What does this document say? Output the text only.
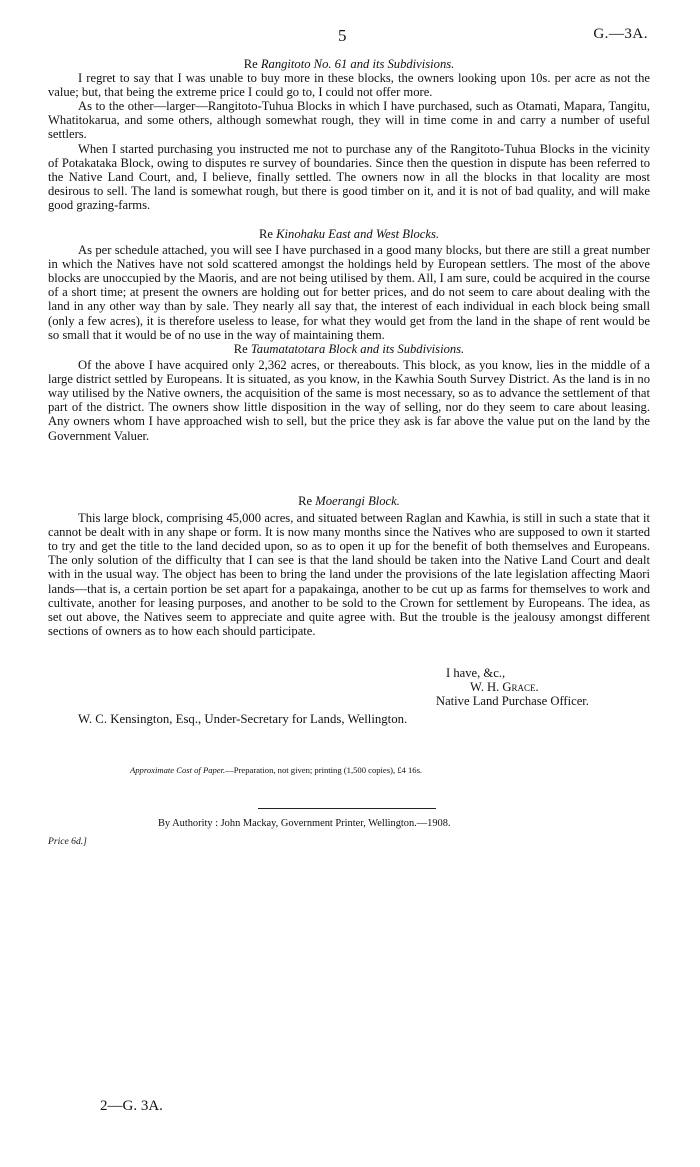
5	G.—3A.
Re Rangitoto No. 61 and its Subdivisions.

I regret to say that I was unable to buy more in these blocks, the owners looking upon 10s. per acre as not the value; but, that being the extreme price I could go to, I could not offer more.

As to the other—larger—Rangitoto-Tuhua Blocks in which I have purchased, such as Otamati, Mapara, Tangitu, Whatitokarua, and some others, although somewhat rough, they will in time come in and carry a number of useful settlers.

When I started purchasing you instructed me not to purchase any of the Rangitoto-Tuhua Blocks in the vicinity of Potakataka Block, owing to disputes re survey of boundaries. Since then the question in dispute has been referred to the Native Land Court, and, I believe, finally settled. The owners now in all the blocks in that locality are most desirous to sell. The land is somewhat rough, but there is good timber on it, and it is not of bad quality, and will make good grazing-farms.

Re Kinohaku East and West Blocks.

As per schedule attached, you will see I have purchased in a good many blocks, but there are still a great number in which the Natives have not sold scattered amongst the holdings held by European settlers. The most of the above blocks are unoccupied by the Maoris, and are not being utilised by them. All, I am sure, could be acquired in the course of a short time; at present the owners are holding out for better prices, and do not seem to care about dealing with the land in any other way than by sale. They nearly all say that, the interest of each individual in each block being small (only a few acres), it is therefore useless to lease, for what they would get from the land in the shape of rent would be so small that it would be of no use in the way of maintaining them.

Re Taumatatotara Block and its Subdivisions.

Of the above I have acquired only 2,362 acres, or thereabouts. This block, as you know, lies in the middle of a large district settled by Europeans. It is situated, as you know, in the Kawhia South Survey District. As the land is in no way utilised by the Native owners, the acquisition of the same is most necessary, so as to advance the settlement of that part of the district. The owners show little disposition in the way of selling, nor do they seem to care about leasing. Any owners whom I have approached wish to sell, but the price they ask is far above the value put on the land by the Government Valuer.

Re Moerangi Block.

This large block, comprising 45,000 acres, and situated between Raglan and Kawhia, is still in such a state that it cannot be dealt with in any shape or form. It is now many months since the Natives who are supposed to own it started to try and get the title to the land decided upon, so as to open it up for the benefit of both themselves and Europeans. The only solution of the difficulty that I can see is that the land should be taken into the Native Land Court and dealt with in the usual way. The object has been to bring the land under the provisions of the late legislation affecting Maori lands—that is, a certain portion be set apart for a papakainga, another to be cut up as farms for themselves to work and cultivate, another for leasing purposes, and another to be sold to the Crown for settlement by Europeans. The idea, as set out above, the Natives seem to appreciate and quite agree with. But the trouble is the jealousy amongst different sections of owners as to how each should participate.

I have, &c.,
W. H. Grace.
Native Land Purchase Officer.
W. C. Kensington, Esq., Under-Secretary for Lands, Wellington.
Approximate Cost of Paper.—Preparation, not given; printing (1,500 copies), £4 16s.
By Authority : John Mackay, Government Printer, Wellington.—1908.
Price 6d.]
2—G. 3A.
